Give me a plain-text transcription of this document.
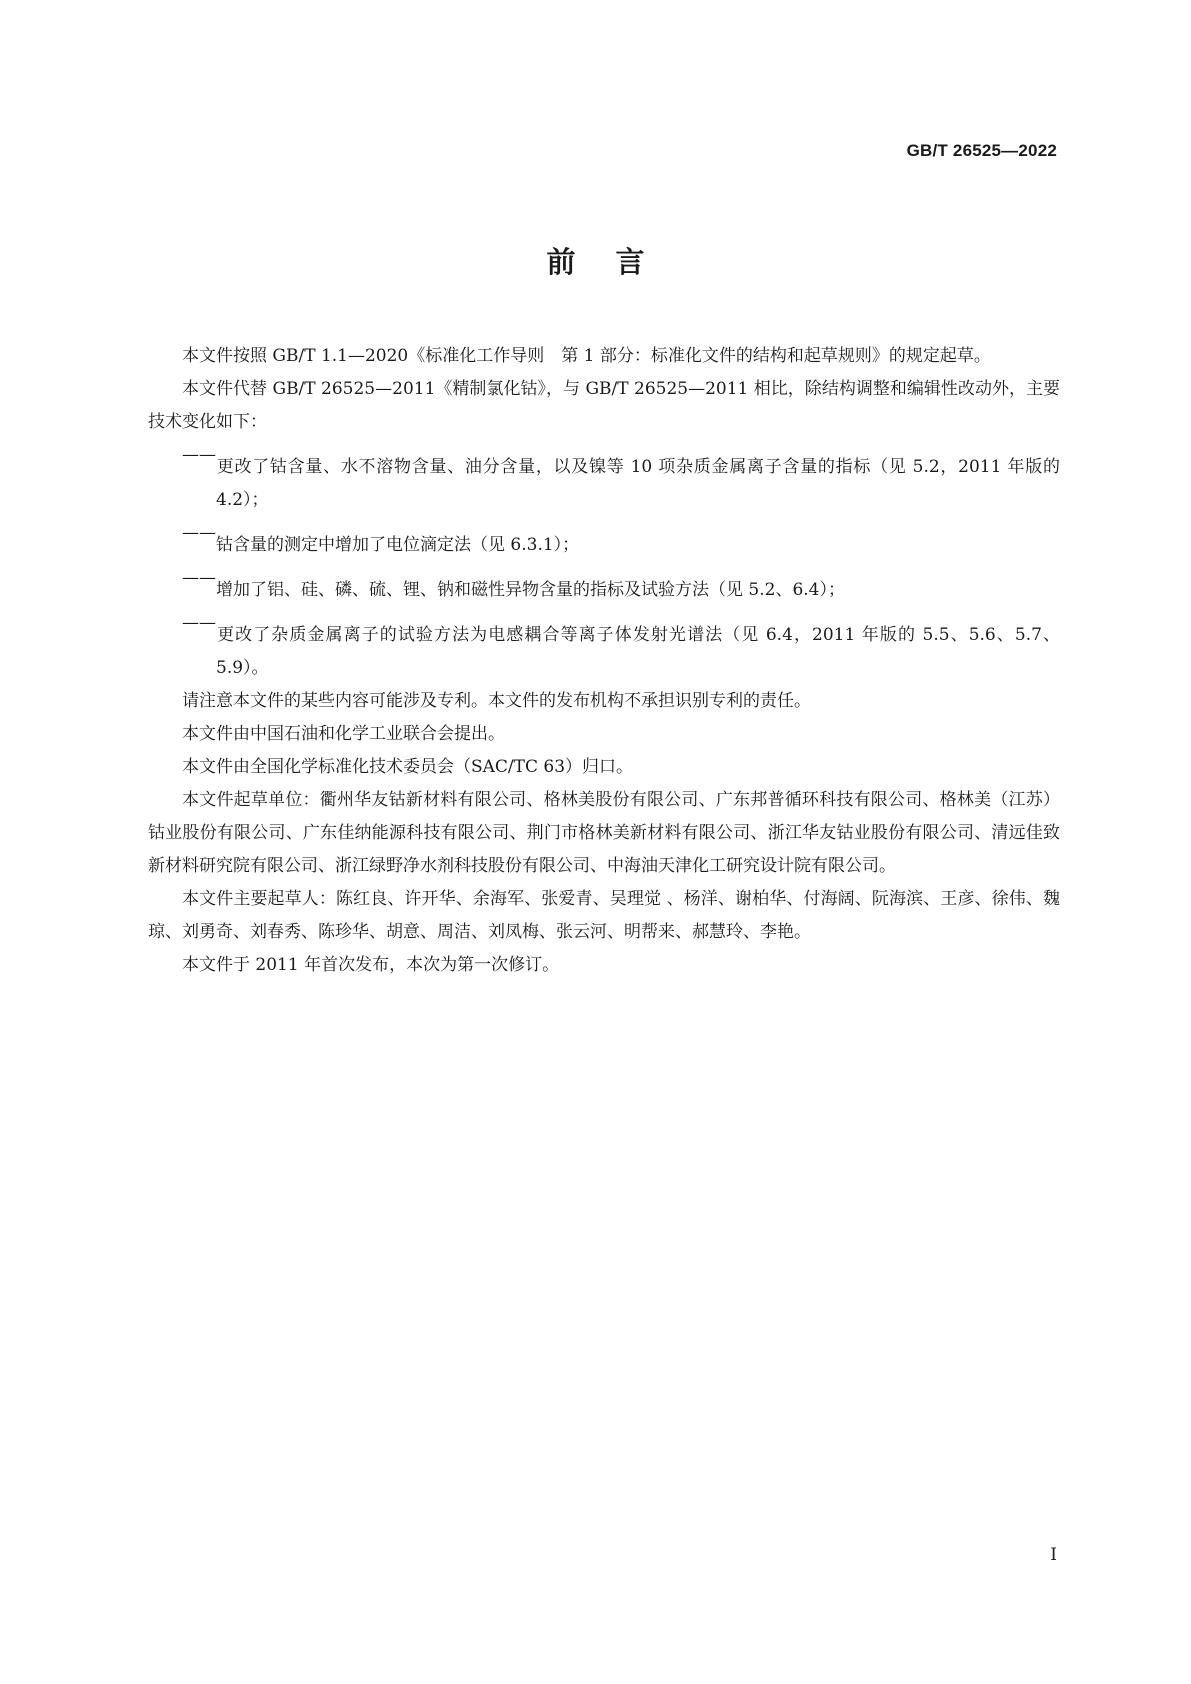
GB/T 26525—2022
前言

本文件按照 GB/T 1.1—2020《标准化工作导则　第 1 部分：标准化文件的结构和起草规则》的规定起草。

本文件代替 GB/T 26525—2011《精制氯化钴》，与 GB/T 26525—2011 相比，除结构调整和编辑性改动外，主要技术变化如下：

——更改了钴含量、水不溶物含量、油分含量，以及镍等 10 项杂质金属离子含量的指标（见 5.2，2011 年版的 4.2）；

——钴含量的测定中增加了电位滴定法（见 6.3.1）；

——增加了铝、硅、磷、硫、锂、钠和磁性异物含量的指标及试验方法（见 5.2、6.4）；

——更改了杂质金属离子的试验方法为电感耦合等离子体发射光谱法（见 6.4，2011 年版的 5.5、5.6、5.7、5.9）。

请注意本文件的某些内容可能涉及专利。本文件的发布机构不承担识别专利的责任。

本文件由中国石油和化学工业联合会提出。

本文件由全国化学标准化技术委员会（SAC/TC 63）归口。

本文件起草单位：衢州华友钴新材料有限公司、格林美股份有限公司、广东邦普循环科技有限公司、格林美（江苏）钴业股份有限公司、广东佳纳能源科技有限公司、荆门市格林美新材料有限公司、浙江华友钴业股份有限公司、清远佳致新材料研究院有限公司、浙江绿野净水剂科技股份有限公司、中海油天津化工研究设计院有限公司。

本文件主要起草人：陈红良、许开华、余海军、张爱青、吴理觉 、杨洋、谢柏华、付海阔、阮海滨、王彦、徐伟、魏琼、刘勇奇、刘春秀、陈珍华、胡意、周洁、刘凤梅、张云河、明帮来、郝慧玲、李艳。

本文件于 2011 年首次发布，本次为第一次修订。

I
